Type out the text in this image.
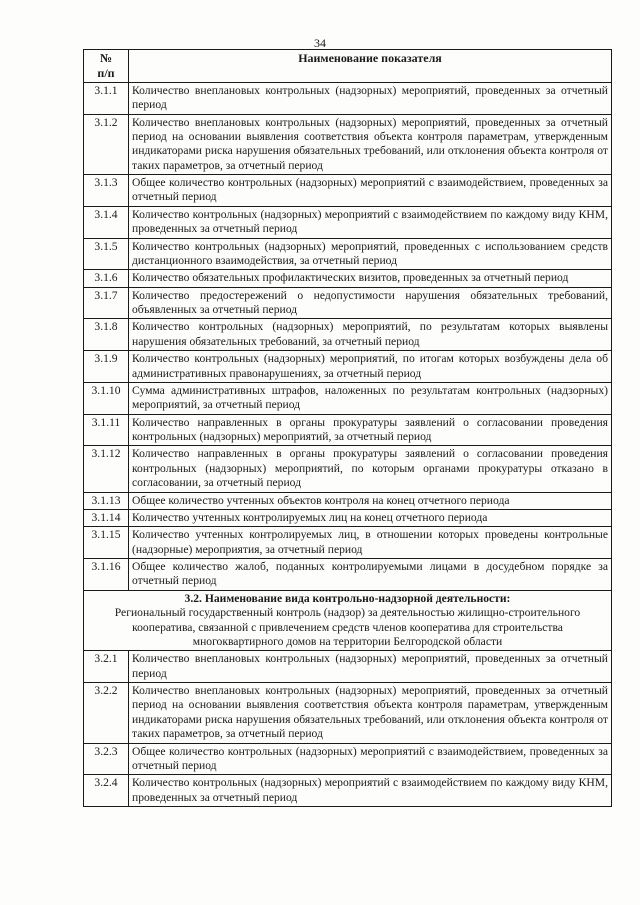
34
№
п/п	Наименование показателя
3.1.1	Количество внеплановых контрольных (надзорных) мероприятий, проведенных за отчетный период
3.1.2	Количество внеплановых контрольных (надзорных) мероприятий, проведенных за отчетный период на основании выявления соответствия объекта контроля параметрам, утвержденным индикаторами риска нарушения обязательных требований, или отклонения объекта контроля от таких параметров, за отчетный период
3.1.3	Общее количество контрольных (надзорных) мероприятий с взаимодействием, проведенных за отчетный период
3.1.4	Количество контрольных (надзорных) мероприятий с взаимодействием по каждому виду КНМ, проведенных за отчетный период
3.1.5	Количество контрольных (надзорных) мероприятий, проведенных с использованием средств дистанционного взаимодействия, за отчетный период
3.1.6	Количество обязательных профилактических визитов, проведенных за отчетный период
3.1.7	Количество предостережений о недопустимости нарушения обязательных требований, объявленных за отчетный период
3.1.8	Количество контрольных (надзорных) мероприятий, по результатам которых выявлены нарушения обязательных требований, за отчетный период
3.1.9	Количество контрольных (надзорных) мероприятий, по итогам которых возбуждены дела об административных правонарушениях, за отчетный период
3.1.10	Сумма административных штрафов, наложенных по результатам контрольных (надзорных) мероприятий, за отчетный период
3.1.11	Количество направленных в органы прокуратуры заявлений о согласовании проведения контрольных (надзорных) мероприятий, за отчетный период
3.1.12	Количество направленных в органы прокуратуры заявлений о согласовании проведения контрольных (надзорных) мероприятий, по которым органами прокуратуры отказано в согласовании, за отчетный период
3.1.13	Общее количество учтенных объектов контроля на конец отчетного периода
3.1.14	Количество учтенных контролируемых лиц на конец отчетного периода
3.1.15	Количество учтенных контролируемых лиц, в отношении которых проведены контрольные (надзорные) мероприятия, за отчетный период
3.1.16	Общее количество жалоб, поданных контролируемыми лицами в досудебном порядке за отчетный период

3.2. Наименование вида контрольно-надзорной деятельности:
Региональный государственный контроль (надзор) за деятельностью жилищно-строительного кооператива, связанной с привлечением средств членов кооператива для строительства многоквартирного домов на территории Белгородской области	

3.2.1	Количество внеплановых контрольных (надзорных) мероприятий, проведенных за отчетный период
3.2.2	Количество внеплановых контрольных (надзорных) мероприятий, проведенных за отчетный период на основании выявления соответствия объекта контроля параметрам, утвержденным индикаторами риска нарушения обязательных требований, или отклонения объекта контроля от таких параметров, за отчетный период
3.2.3	Общее количество контрольных (надзорных) мероприятий с взаимодействием, проведенных за отчетный период
3.2.4	Количество контрольных (надзорных) мероприятий с взаимодействием по каждому виду КНМ, проведенных за отчетный период
